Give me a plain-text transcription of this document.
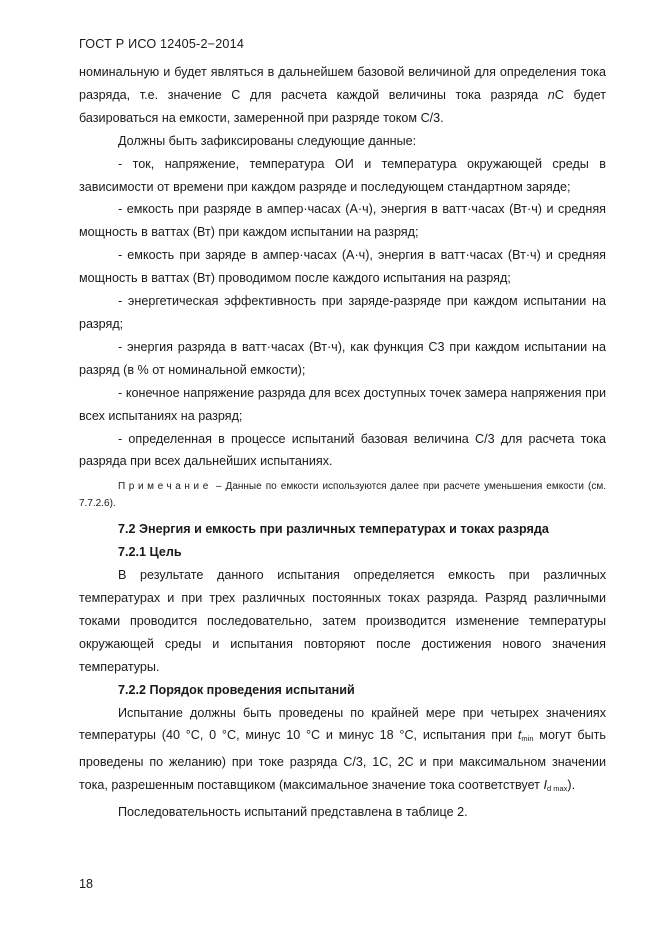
ГОСТ Р ИСО 12405-2−2014

номинальную и будет являться в дальнейшем базовой величиной для определения тока разряда, т.е. значение C для расчета каждой величины тока разряда nC будет базироваться на емкости, замеренной при разряде током C/3.

Должны быть зафиксированы следующие данные:

- ток, напряжение, температура ОИ и температура окружающей среды в зависимости от времени при каждом разряде и последующем стандартном заряде;

- емкость при разряде в ампер·часах (А·ч), энергия в ватт·часах (Вт·ч) и средняя мощность в ваттах (Вт) при каждом испытании на разряд;

- емкость при заряде в ампер·часах (А·ч), энергия в ватт·часах (Вт·ч) и средняя мощность в ваттах (Вт) проводимом после каждого испытания на разряд;

- энергетическая эффективность при заряде-разряде при каждом испытании на разряд;

- энергия разряда в ватт·часах (Вт·ч), как функция C3 при каждом испытании на разряд (в % от номинальной емкости);

- конечное напряжение разряда для всех доступных точек замера напряжения при всех испытаниях на разряд;

- определенная в процессе испытаний базовая величина C/3 для расчета тока разряда при всех дальнейших испытаниях.

Примечание – Данные по емкости используются далее при расчете уменьшения емкости (см. 7.7.2.6).

7.2 Энергия и емкость при различных температурах и токах разряда

7.2.1 Цель

В результате данного испытания определяется емкость при различных температурах и при трех различных постоянных токах разряда. Разряд различными токами проводится последовательно, затем производится изменение температуры окружающей среды и испытания повторяют после достижения нового значения температуры.

7.2.2 Порядок проведения испытаний

Испытание должны быть проведены по крайней мере при четырех значениях температуры (40 °C, 0 °C, минус 10 °C и минус 18 °C, испытания при $t_{min}$ могут быть проведены по желанию) при токе разряда C/3, 1C, 2C и при максимальном значении тока, разрешенным поставщиком (максимальное значение тока соответствует $I_{d max}$).

Последовательность испытаний представлена в таблице 2.

18
